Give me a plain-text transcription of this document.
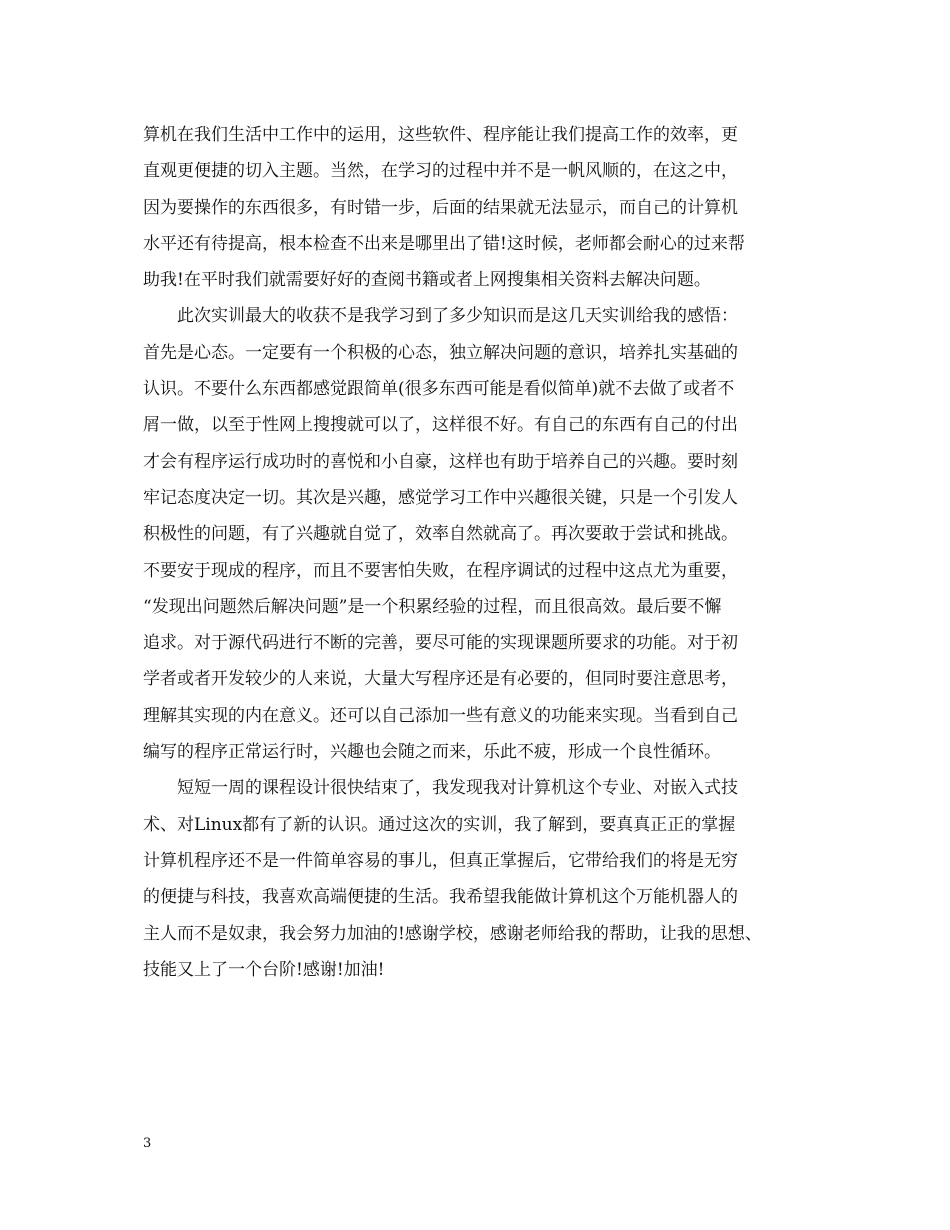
算机在我们生活中工作中的运用，这些软件、程序能让我们提高工作的效率，更
直观更便捷的切入主题。当然，在学习的过程中并不是一帆风顺的，在这之中，
因为要操作的东西很多，有时错一步，后面的结果就无法显示，而自己的计算机
水平还有待提高，根本检查不出来是哪里出了错!这时候，老师都会耐心的过来帮
助我!在平时我们就需要好好的查阅书籍或者上网搜集相关资料去解决问题。
　　此次实训最大的收获不是我学习到了多少知识而是这几天实训给我的感悟：
首先是心态。一定要有一个积极的心态，独立解决问题的意识，培养扎实基础的
认识。不要什么东西都感觉跟简单(很多东西可能是看似简单)就不去做了或者不
屑一做，以至于性网上搜搜就可以了，这样很不好。有自己的东西有自己的付出
才会有程序运行成功时的喜悦和小自豪，这样也有助于培养自己的兴趣。要时刻
牢记态度决定一切。其次是兴趣，感觉学习工作中兴趣很关键，只是一个引发人
积极性的问题，有了兴趣就自觉了，效率自然就高了。再次要敢于尝试和挑战。
不要安于现成的程序，而且不要害怕失败，在程序调试的过程中这点尤为重要，
“发现出问题然后解决问题”是一个积累经验的过程，而且很高效。最后要不懈
追求。对于源代码进行不断的完善，要尽可能的实现课题所要求的功能。对于初
学者或者开发较少的人来说，大量大写程序还是有必要的，但同时要注意思考，
理解其实现的内在意义。还可以自己添加一些有意义的功能来实现。当看到自己
编写的程序正常运行时，兴趣也会随之而来，乐此不疲，形成一个良性循环。
　　短短一周的课程设计很快结束了，我发现我对计算机这个专业、对嵌入式技
术、对Linux都有了新的认识。通过这次的实训，我了解到，要真真正正的掌握
计算机程序还不是一件简单容易的事儿，但真正掌握后，它带给我们的将是无穷
的便捷与科技，我喜欢高端便捷的生活。我希望我能做计算机这个万能机器人的
主人而不是奴隶，我会努力加油的!感谢学校，感谢老师给我的帮助，让我的思想、
技能又上了一个台阶!感谢!加油!
3
